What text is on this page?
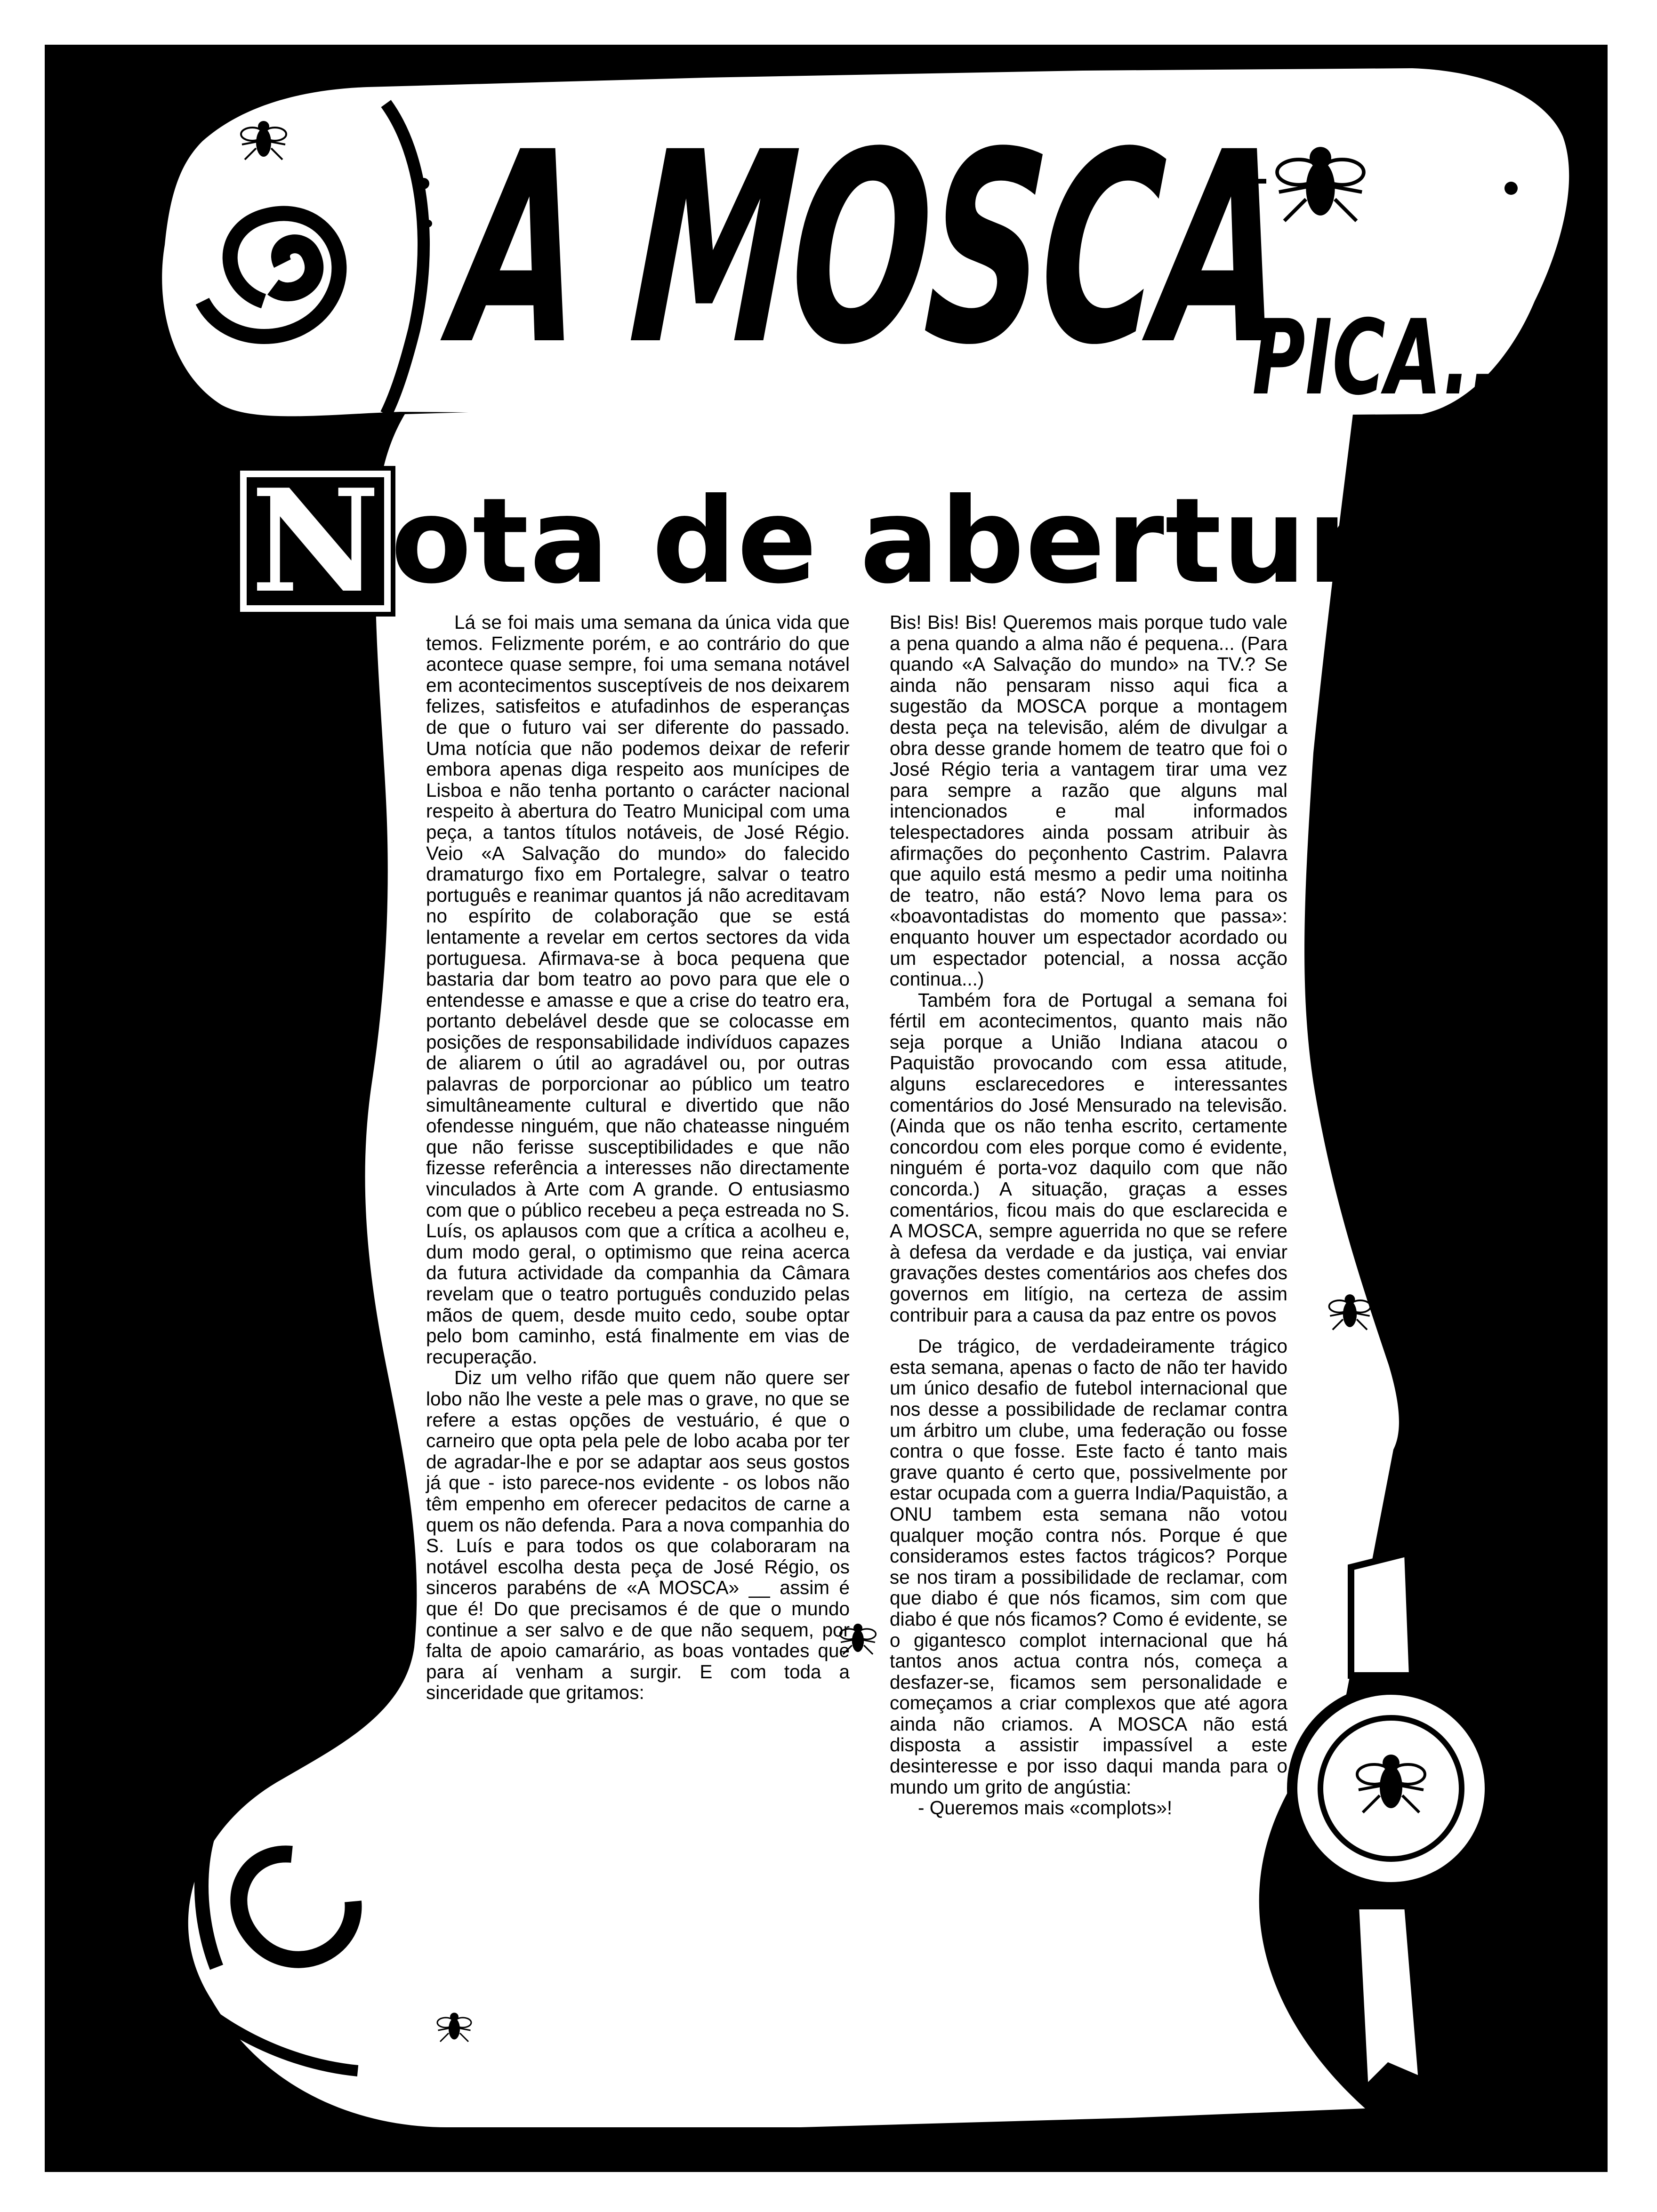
A MOSCA
PICA...
N ota de abertura

Lá se foi mais uma semana da única vida que temos. Felizmente porém, e ao contrário do que acontece quase sempre, foi uma semana notável em acontecimentos susceptíveis de nos deixarem felizes, satisfeitos e atufadinhos de esperanças de que o futuro vai ser diferente do passado. Uma notícia que não podemos deixar de referir embora apenas diga respeito aos munícipes de Lisboa e não tenha portanto o carácter nacional respeito à abertura do Teatro Municipal com uma peça, a tantos títulos notáveis, de José Régio. Veio «A Salvação do mundo» do falecido dramaturgo fixo em Portalegre, salvar o teatro português e reanimar quantos já não acreditavam no espírito de colaboração que se está lentamente a revelar em certos sectores da vida portuguesa. Afirmava-se à boca pequena que bastaria dar bom teatro ao povo para que ele o entendesse e amasse e que a crise do teatro era, portanto debelável desde que se colocasse em posições de responsabilidade indivíduos capazes de aliarem o útil ao agradável ou, por outras palavras de porporcionar ao público um teatro simultâneamente cultural e divertido que não ofendesse ninguém, que não chateasse ninguém que não ferisse susceptibilidades e que não fizesse referência a interesses não directamente vinculados à Arte com A grande. O entusiasmo com que o público recebeu a peça estreada no S. Luís, os aplausos com que a crítica a acolheu e, dum modo geral, o optimismo que reina acerca da futura actividade da companhia da Câmara revelam que o teatro português conduzido pelas mãos de quem, desde muito cedo, soube optar pelo bom caminho, está finalmente em vias de recuperação.

Diz um velho rifão que quem não quere ser lobo não lhe veste a pele mas o grave, no que se refere a estas opções de vestuário, é que o carneiro que opta pela pele de lobo acaba por ter de agradar-lhe e por se adaptar aos seus gostos já que - isto parece-nos evidente - os lobos não têm empenho em oferecer pedacitos de carne a quem os não defenda. Para a nova companhia do S. Luís e para todos os que colaboraram na notável escolha desta peça de José Régio, os sinceros parabéns de «A MOSCA» __ assim é que é! Do que precisamos é de que o mundo continue a ser salvo e de que não sequem, por falta de apoio camarário, as boas vontades que para aí venham a surgir. E com toda a sinceridade que gritamos:

Bis! Bis! Bis! Queremos mais porque tudo vale a pena quando a alma não é pequena... (Para quando «A Salvação do mundo» na TV.? Se ainda não pensaram nisso aqui fica a sugestão da MOSCA porque a montagem desta peça na televisão, além de divulgar a obra desse grande homem de teatro que foi o José Régio teria a vantagem tirar uma vez para sempre a razão que alguns mal intencionados e mal informados telespectadores ainda possam atribuir às afirmações do peçonhento Castrim. Palavra que aquilo está mesmo a pedir uma noitinha de teatro, não está? Novo lema para os «boavontadistas do momento que passa»: enquanto houver um espectador acordado ou um espectador potencial, a nossa acção continua...)

Também fora de Portugal a semana foi fértil em acontecimentos, quanto mais não seja porque a União Indiana atacou o Paquistão provocando com essa atitude, alguns esclarecedores e interessantes comentários do José Mensurado na televisão. (Ainda que os não tenha escrito, certamente concordou com eles porque como é evidente, ninguém é porta-voz daquilo com que não concorda.) A situação, graças a esses comentários, ficou mais do que esclarecida e A MOSCA, sempre aguerrida no que se refere à defesa da verdade e da justiça, vai enviar gravações destes comentários aos chefes dos governos em litígio, na certeza de assim contribuir para a causa da paz entre os povos

De trágico, de verdadeiramente trágico esta semana, apenas o facto de não ter havido um único desafio de futebol internacional que nos desse a possibilidade de reclamar contra um árbitro um clube, uma federação ou fosse contra o que fosse. Este facto é tanto mais grave quanto é certo que, possivelmente por estar ocupada com a guerra India/Paquistão, a ONU tambem esta semana não votou qualquer moção contra nós. Porque é que consideramos estes factos trágicos? Porque se nos tiram a possibilidade de reclamar, com que diabo é que nós ficamos, sim com que diabo é que nós ficamos? Como é evidente, se o gigantesco complot internacional que há tantos anos actua contra nós, começa a desfazer-se, ficamos sem personalidade e começamos a criar complexos que até agora ainda não criamos. A MOSCA não está disposta a assistir impassível a este desinteresse e por isso daqui manda para o mundo um grito de angústia:

- Queremos mais «complots»!
